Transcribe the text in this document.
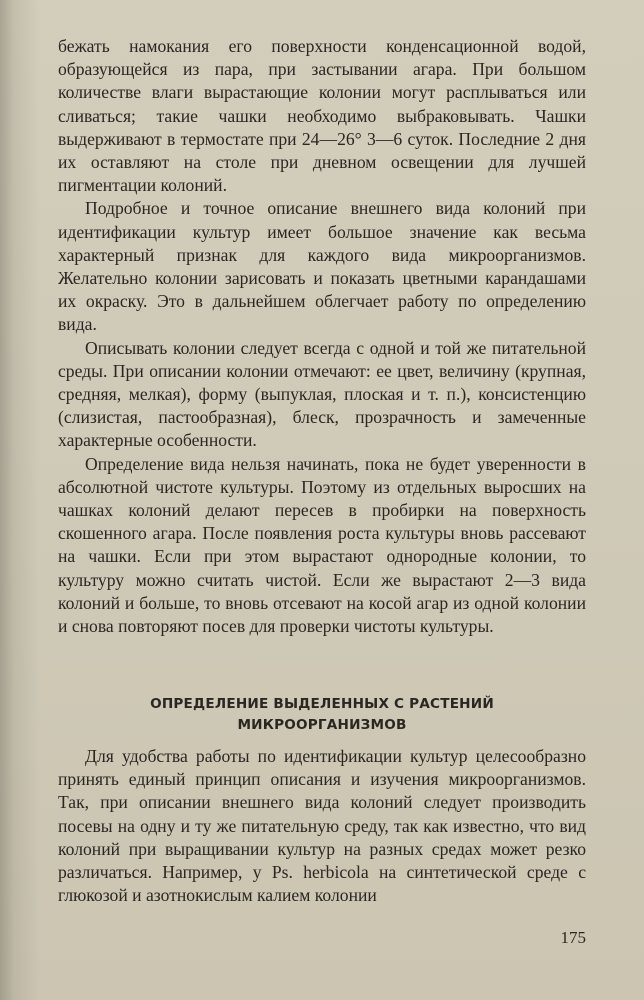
бежать намокания его поверхности конденсационной водой, образующейся из пара, при застывании агара. При большом количестве влаги вырастающие колонии могут расплываться или сливаться; такие чашки необходимо выбраковывать. Чашки выдерживают в термостате при 24—26° 3—6 суток. Последние 2 дня их оставляют на столе при дневном освещении для лучшей пигментации колоний.

Подробное и точное описание внешнего вида колоний при идентификации культур имеет большое значение как весьма характерный признак для каждого вида микроорганизмов. Желательно колонии зарисовать и показать цветными карандашами их окраску. Это в дальнейшем облегчает работу по определению вида.

Описывать колонии следует всегда с одной и той же питательной среды. При описании колонии отмечают: ее цвет, величину (крупная, средняя, мелкая), форму (выпуклая, плоская и т. п.), консистенцию (слизистая, пастообразная), блеск, прозрачность и замеченные характерные особенности.

Определение вида нельзя начинать, пока не будет уверенности в абсолютной чистоте культуры. Поэтому из отдельных выросших на чашках колоний делают пересев в пробирки на поверхность скошенного агара. После появления роста культуры вновь рассевают на чашки. Если при этом вырастают однородные колонии, то культуру можно считать чистой. Если же вырастают 2—3 вида колоний и больше, то вновь отсевают на косой агар из одной колонии и снова повторяют посев для проверки чистоты культуры.

ОПРЕДЕЛЕНИЕ ВЫДЕЛЕННЫХ С РАСТЕНИЙ
МИКРООРГАНИЗМОВ

Для удобства работы по идентификации культур целесообразно принять единый принцип описания и изучения микроорганизмов. Так, при описании внешнего вида колоний следует производить посевы на одну и ту же питательную среду, так как известно, что вид колоний при выращивании культур на разных средах может резко различаться. Например, у Ps. herbicola на синтетической среде с глюкозой и азотнокислым калием колонии

175
